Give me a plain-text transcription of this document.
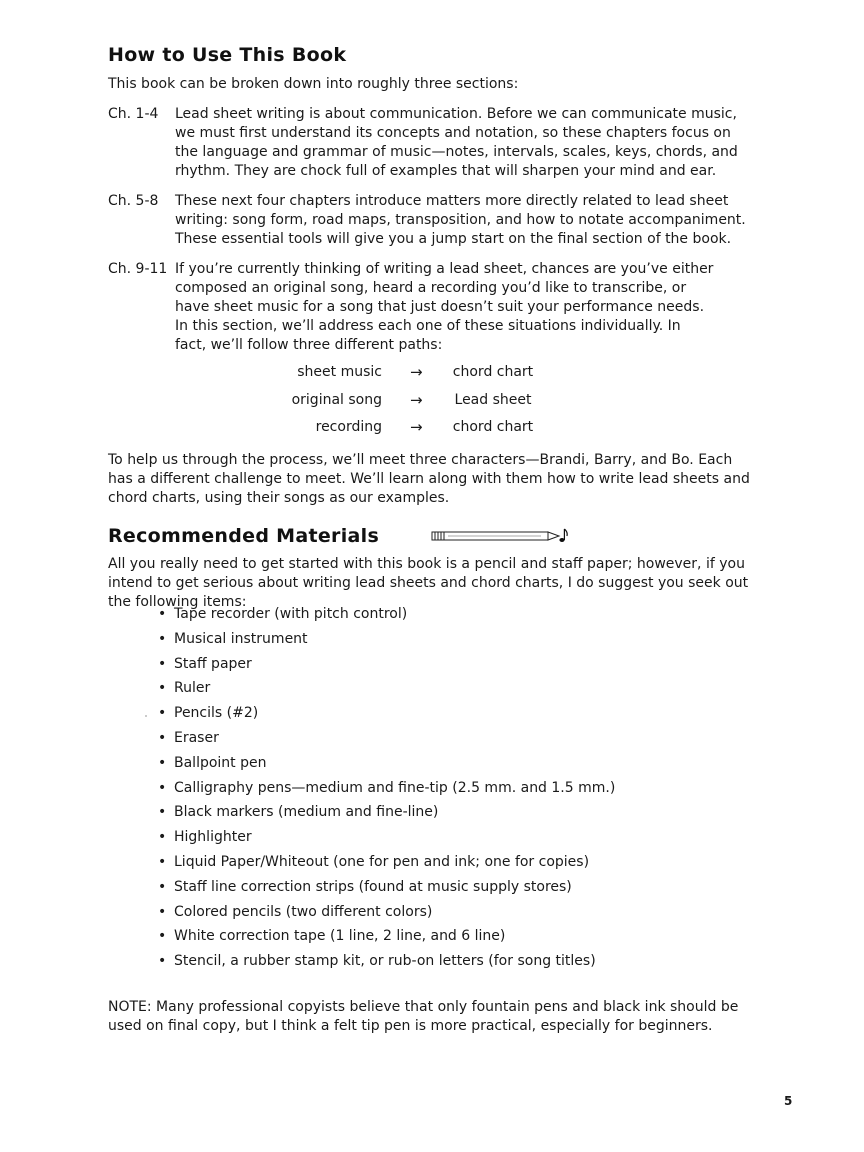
How to Use This Book

This book can be broken down into roughly three sections:

Ch. 1-4 Lead sheet writing is about communication. Before we can communicate music, we must first understand its concepts and notation, so these chapters focus on the language and grammar of music—notes, intervals, scales, keys, chords, and rhythm. They are chock full of examples that will sharpen your mind and ear.
Ch. 5-8 These next four chapters introduce matters more directly related to lead sheet writing: song form, road maps, transposition, and how to notate accompaniment. These essential tools will give you a jump start on the final section of the book.
Ch. 9-11 If you’re currently thinking of writing a lead sheet, chances are you’ve either composed an original song, heard a recording you’d like to transcribe, or have sheet music for a song that just doesn’t suit your performance needs. In this section, we’ll address each one of these situations individually. In fact, we’ll follow three different paths:
sheet music →	chord chart
original song →	Lead sheet
recording →	chord chart

To help us through the process, we’ll meet three characters—Brandi, Barry, and Bo. Each has a different challenge to meet. We’ll learn along with them how to write lead sheets and chord charts, using their songs as our examples.

Recommended Materials

All you really need to get started with this book is a pencil and staff paper; however, if you intend to get serious about writing lead sheets and chord charts, I do suggest you seek out the following items:

• Tape recorder (with pitch control)
• Musical instrument
• Staff paper
• Ruler
• Pencils (#2)
• Eraser
• Ballpoint pen
• Calligraphy pens—medium and fine-tip (2.5 mm. and 1.5 mm.)
• Black markers (medium and fine-line)
• Highlighter
• Liquid Paper/Whiteout (one for pen and ink; one for copies)
• Staff line correction strips (found at music supply stores)
• Colored pencils (two different colors)
• White correction tape (1 line, 2 line, and 6 line)
• Stencil, a rubber stamp kit, or rub-on letters (for song titles)

NOTE: Many professional copyists believe that only fountain pens and black ink should be used on final copy, but I think a felt tip pen is more practical, especially for beginners.

5
